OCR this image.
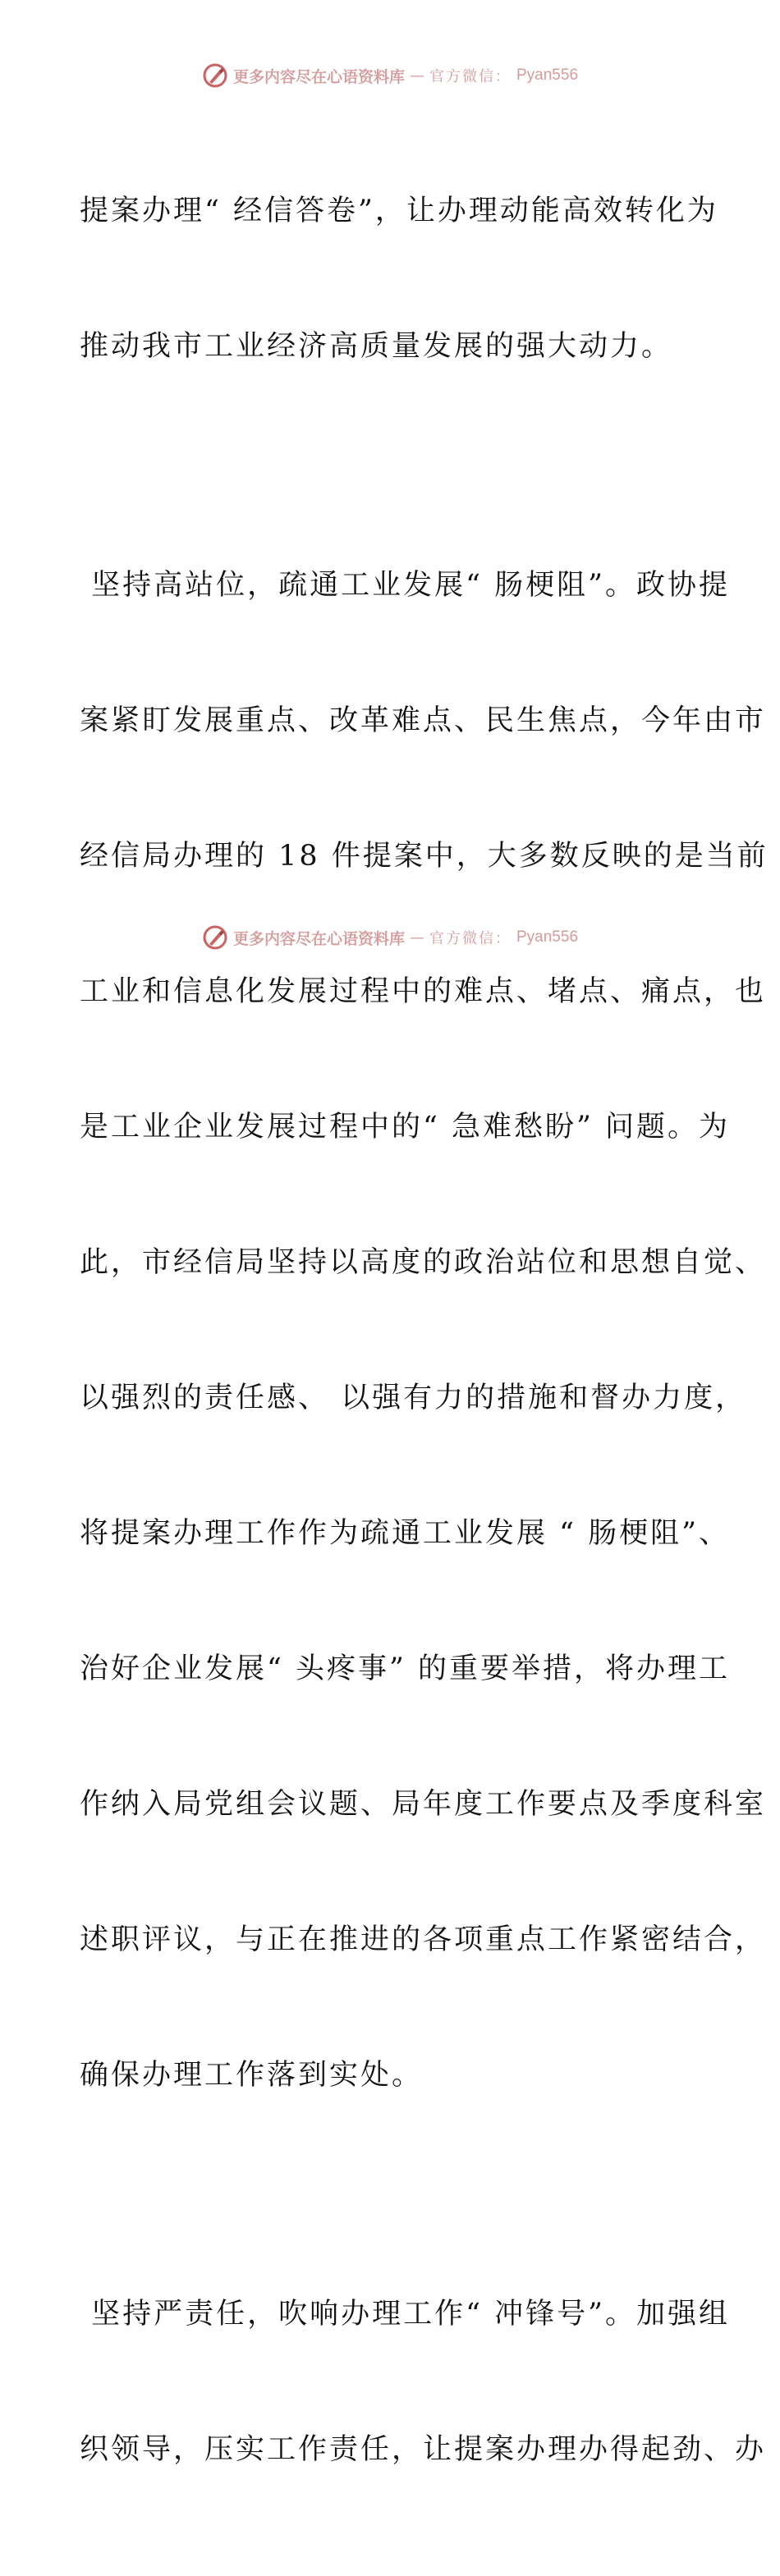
更多内容尽在心语资料库 — 官方微信： Pyan556

提案办理“ 经信答卷”，让办理动能高效转化为

推动我市工业经济高质量发展的强大动力。

坚持高站位，疏通工业发展“ 肠梗阻”。政协提

案紧盯发展重点、改革难点、民生焦点，今年由市

经信局办理的 18 件提案中，大多数反映的是当前

工业和信息化发展过程中的难点、堵点、痛点，也

是工业企业发展过程中的“ 急难愁盼” 问题。为

此，市经信局坚持以高度的政治站位和思想自觉、

以强烈的责任感、 以强有力的措施和督办力度，

将提案办理工作作为疏通工业发展 “ 肠梗阻”、

治好企业发展“ 头疼事” 的重要举措，将办理工

作纳入局党组会议题、局年度工作要点及季度科室

述职评议，与正在推进的各项重点工作紧密结合，

确保办理工作落到实处。

坚持严责任，吹响办理工作“ 冲锋号”。加强组

织领导，压实工作责任，让提案办理办得起劲、办

更多内容尽在心语资料库 — 官方微信： Pyan556
